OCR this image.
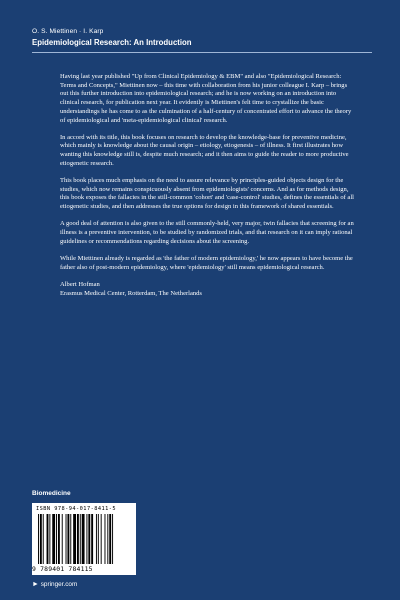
O. S. Miettinen · I. Karp
Epidemiological Research: An Introduction

Having last year published "Up from Clinical Epidemiology & EBM" and also "Epidemiological Research: Terms and Concepts," Miettinen now – this time with collaboration from his junior colleague I. Karp – brings out this further introduction into epidemiological research; and he is now working on an introduction into clinical research, for publication next year. It evidently is Miettinen's felt time to crystallize the basic understandings he has come to as the culmination of a half-century of concentrated effort to advance the theory of epidemiological and 'meta-epidemiological clinical' research.

In accord with its title, this book focuses on research to develop the knowledge-base for preventive medicine, which mainly is knowledge about the causal origin – etiology, etiogenesis – of illness. It first illustrates how wanting this knowledge still is, despite much research; and it then aims to guide the reader to more productive etiogenetic research.

This book places much emphasis on the need to assure relevance by principles-guided objects design for the studies, which now remains conspicuously absent from epidemiologists' concerns. And as for methods design, this book exposes the fallacies in the still-common 'cohort' and 'case-control' studies, defines the essentials of all etiogenetic studies, and then addresses the true options for design in this framework of shared essentials.

A good deal of attention is also given to the still commonly-held, very major, twin fallacies that screening for an illness is a preventive intervention, to be studied by randomized trials, and that research on it can imply rational guidelines or recommendations regarding decisions about the screening.

While Miettinen already is regarded as 'the father of modern epidemiology,' he now appears to have become the father also of post-modern epidemiology, where 'epidemiology' still means epidemiological research.

Albert Hofman
Erasmus Medical Center, Rotterdam, The Netherlands
Biomedicine
ISBN 978-94-017-8411-5
9 789401 784115
► springer.com
